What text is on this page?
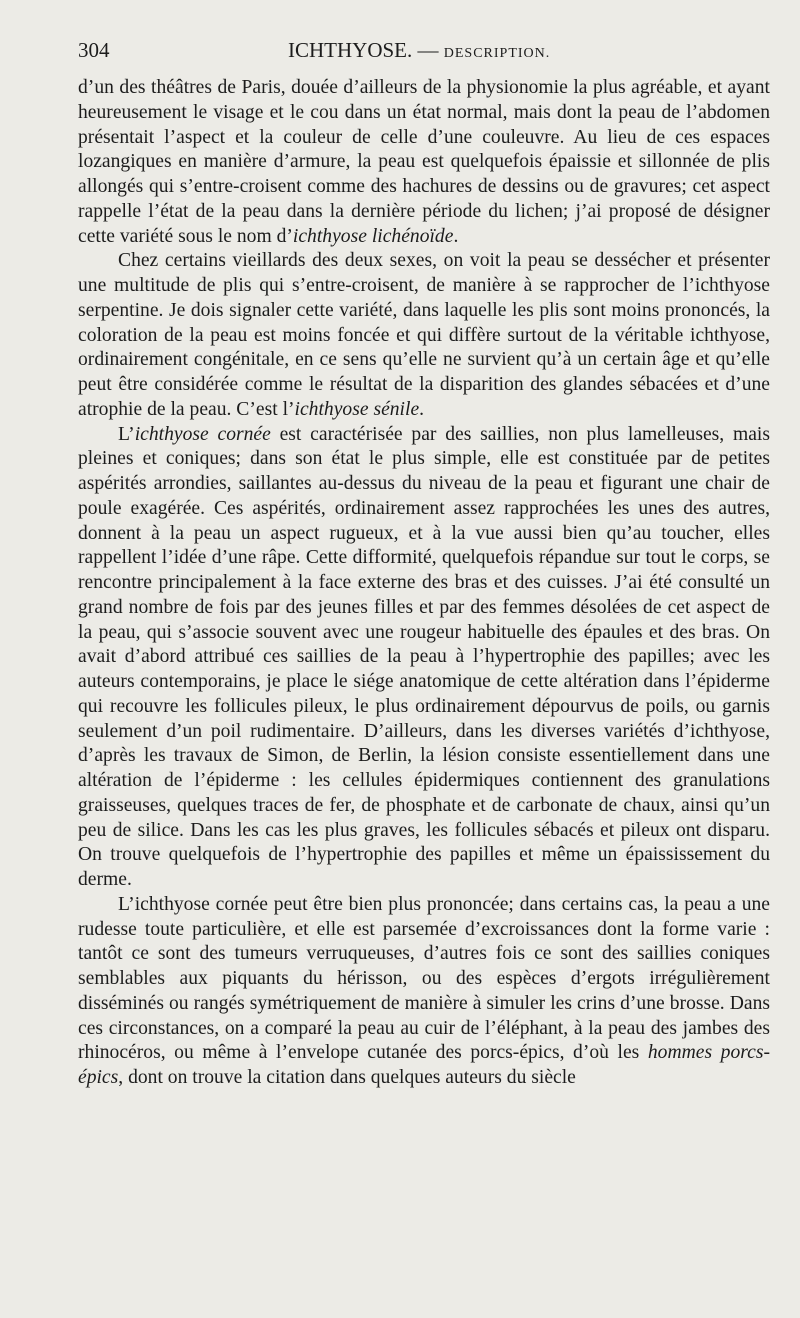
304	ICHTHYOSE. — DESCRIPTION.

d’un des théâtres de Paris, douée d’ailleurs de la physionomie la plus agréable, et ayant heureusement le visage et le cou dans un état normal, mais dont la peau de l’abdomen présentait l’aspect et la couleur de celle d’une couleuvre. Au lieu de ces espaces lozangiques en manière d’armure, la peau est quelquefois épaissie et sillonnée de plis allongés qui s’entre-croisent comme des hachures de dessins ou de gravures; cet aspect rappelle l’état de la peau dans la dernière période du lichen; j’ai proposé de désigner cette variété sous le nom d’ichthyose lichénoïde.

Chez certains vieillards des deux sexes, on voit la peau se dessécher et présenter une multitude de plis qui s’entre-croisent, de manière à se rapprocher de l’ichthyose serpentine. Je dois signaler cette variété, dans laquelle les plis sont moins prononcés, la coloration de la peau est moins foncée et qui diffère surtout de la véritable ichthyose, ordinairement congénitale, en ce sens qu’elle ne survient qu’à un certain âge et qu’elle peut être considérée comme le résultat de la disparition des glandes sébacées et d’une atrophie de la peau. C’est l’ichthyose sénile.

L’ichthyose cornée est caractérisée par des saillies, non plus lamelleuses, mais pleines et coniques; dans son état le plus simple, elle est constituée par de petites aspérités arrondies, saillantes au-dessus du niveau de la peau et figurant une chair de poule exagérée. Ces aspérités, ordinairement assez rapprochées les unes des autres, donnent à la peau un aspect rugueux, et à la vue aussi bien qu’au toucher, elles rappellent l’idée d’une râpe. Cette difformité, quelquefois répandue sur tout le corps, se rencontre principalement à la face externe des bras et des cuisses. J’ai été consulté un grand nombre de fois par des jeunes filles et par des femmes désolées de cet aspect de la peau, qui s’associe souvent avec une rougeur habituelle des épaules et des bras. On avait d’abord attribué ces saillies de la peau à l’hypertrophie des papilles; avec les auteurs contemporains, je place le siége anatomique de cette altération dans l’épiderme qui recouvre les follicules pileux, le plus ordinairement dépourvus de poils, ou garnis seulement d’un poil rudimentaire. D’ailleurs, dans les diverses variétés d’ichthyose, d’après les travaux de Simon, de Berlin, la lésion consiste essentiellement dans une altération de l’épiderme : les cellules épidermiques contiennent des granulations graisseuses, quelques traces de fer, de phosphate et de carbonate de chaux, ainsi qu’un peu de silice. Dans les cas les plus graves, les follicules sébacés et pileux ont disparu. On trouve quelquefois de l’hypertrophie des papilles et même un épaississement du derme.

L’ichthyose cornée peut être bien plus prononcée; dans certains cas, la peau a une rudesse toute particulière, et elle est parsemée d’excroissances dont la forme varie : tantôt ce sont des tumeurs verruqueuses, d’autres fois ce sont des saillies coniques semblables aux piquants du hérisson, ou des espèces d’ergots irrégulièrement disséminés ou rangés symétriquement de manière à simuler les crins d’une brosse. Dans ces circonstances, on a comparé la peau au cuir de l’éléphant, à la peau des jambes des rhinocéros, ou même à l’envelope cutanée des porcs-épics, d’où les hommes porcs-épics, dont on trouve la citation dans quelques auteurs du siècle
